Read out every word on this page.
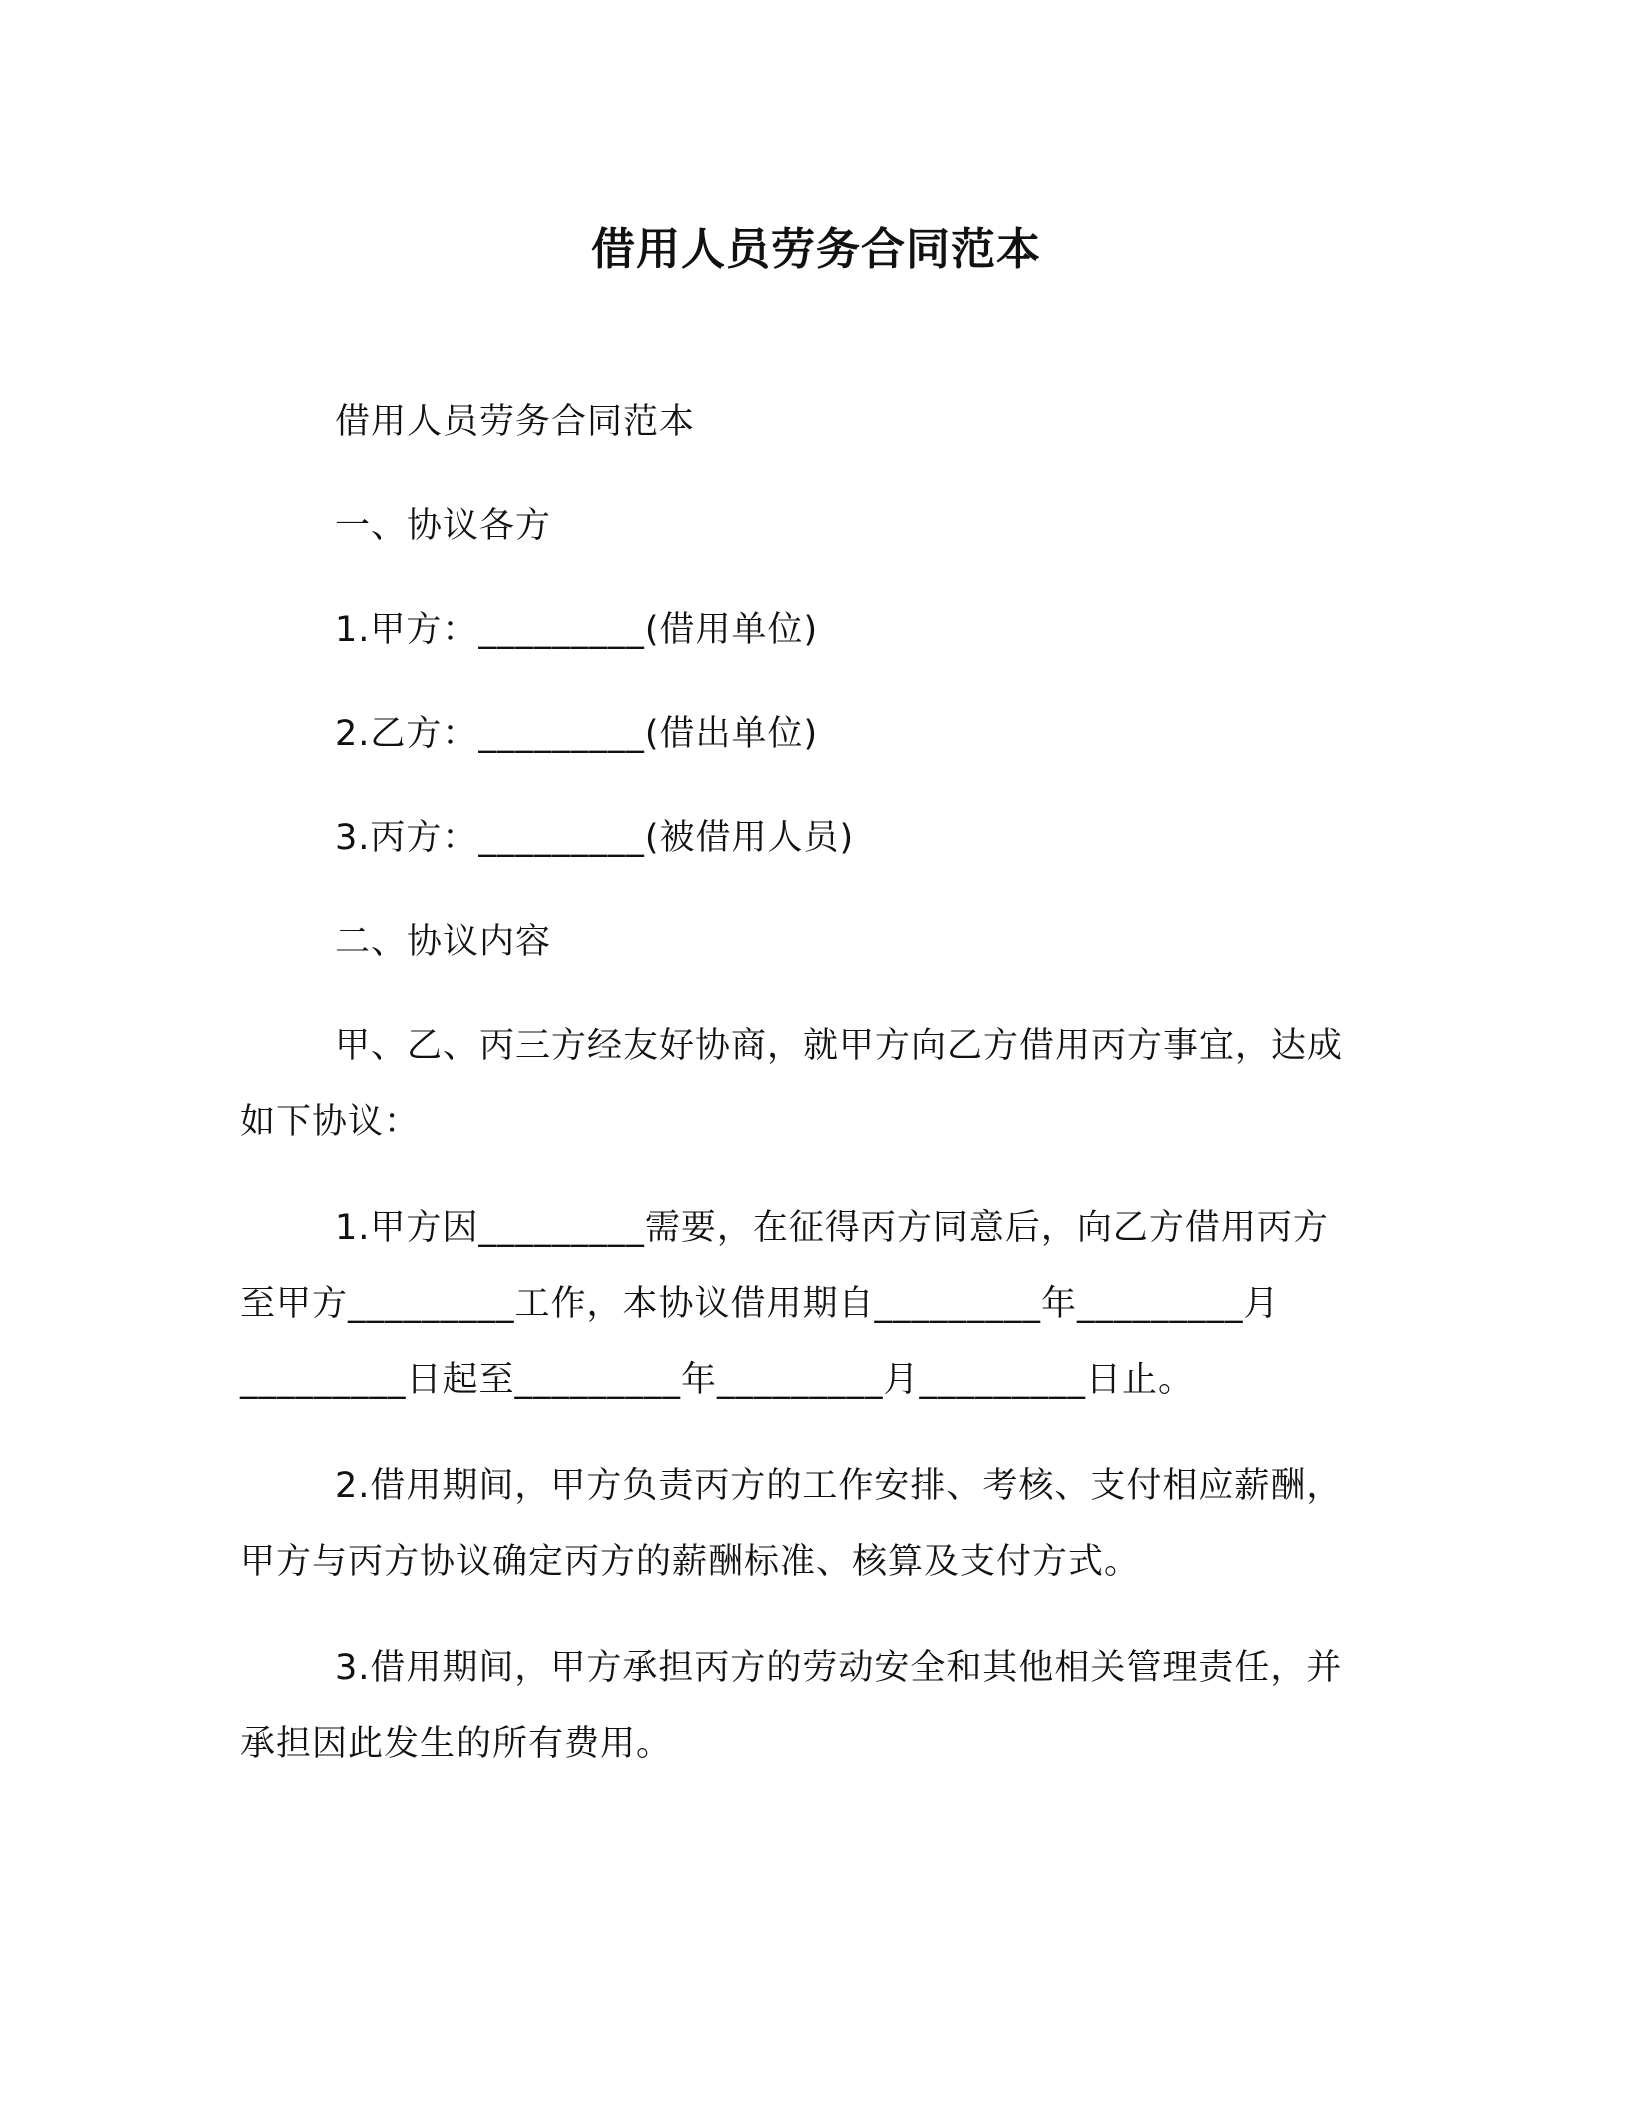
借用人员劳务合同范本
借用人员劳务合同范本
一、协议各方
1.甲方：_________(借用单位)
2.乙方：_________(借出单位)
3.丙方：_________(被借用人员)
二、协议内容
甲、乙、丙三方经友好协商，就甲方向乙方借用丙方事宜，达成
如下协议：
1.甲方因_________需要，在征得丙方同意后，向乙方借用丙方
至甲方_________工作，本协议借用期自_________年_________月
_________日起至_________年_________月_________日止。
2.借用期间，甲方负责丙方的工作安排、考核、支付相应薪酬，
甲方与丙方协议确定丙方的薪酬标准、核算及支付方式。
3.借用期间，甲方承担丙方的劳动安全和其他相关管理责任，并
承担因此发生的所有费用。
